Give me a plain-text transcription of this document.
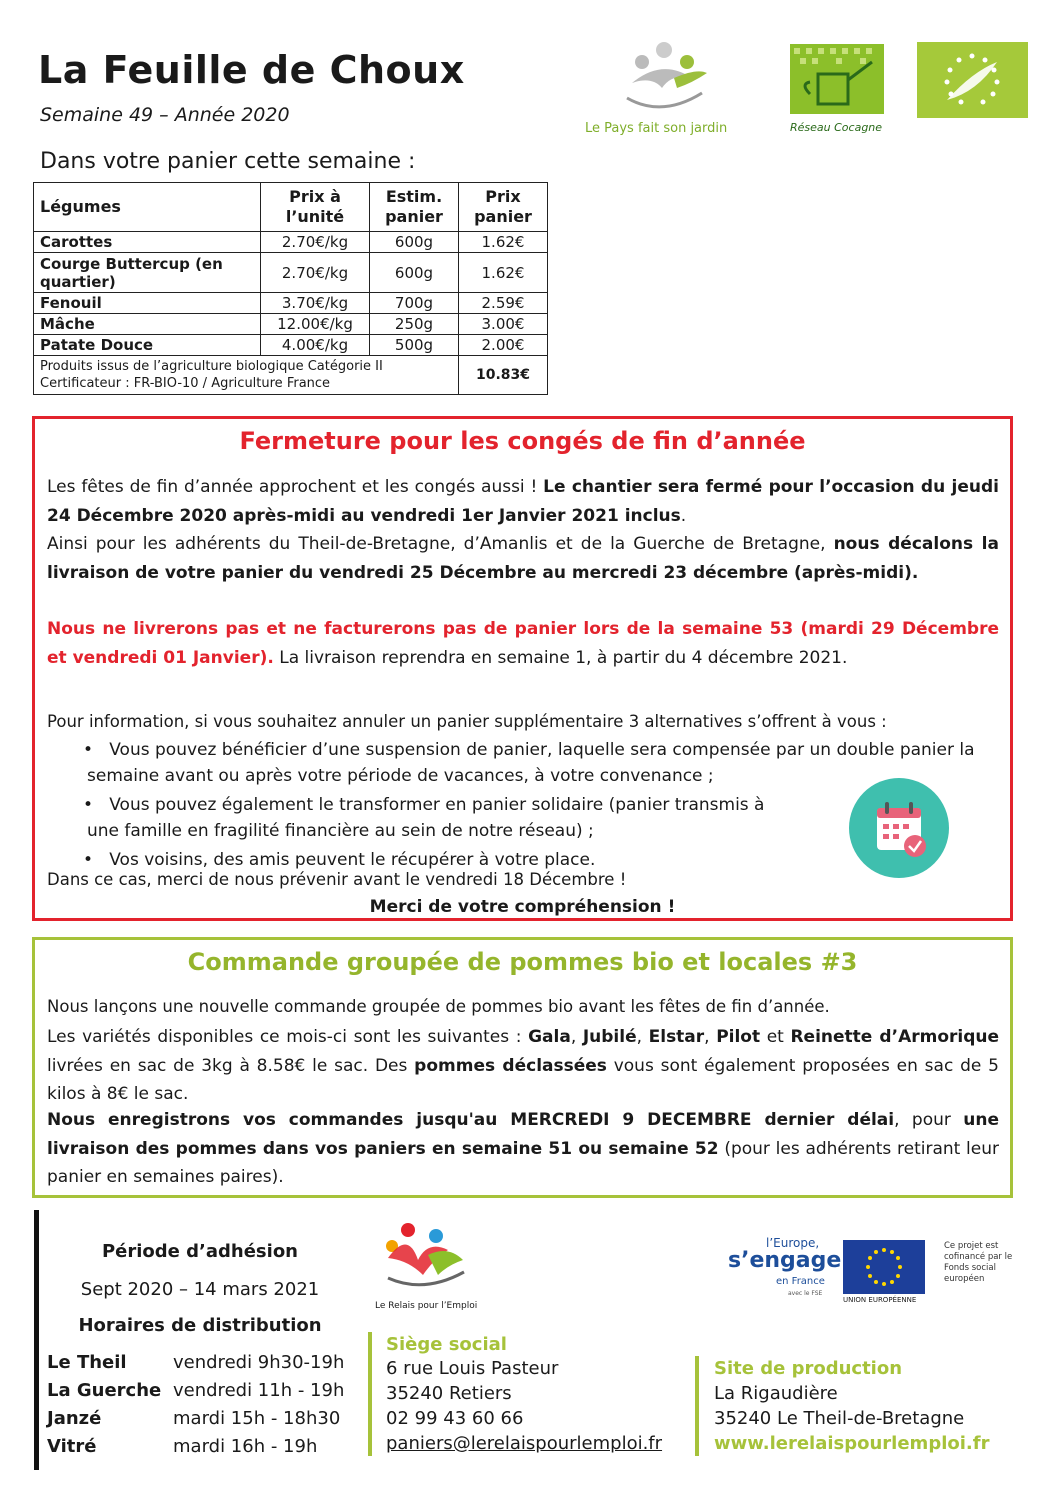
La Feuille de Choux
Semaine 49 – Année 2020
Dans votre panier cette semaine :
Le Pays fait son jardin	Réseau Cocagne
Légumes	Prix à l’unité	Estim. panier	Prix panier
Carottes	2.70€/kg	600g	1.62€
Courge Buttercup (en quartier)	2.70€/kg	600g	1.62€
Fenouil	3.70€/kg	700g	2.59€
Mâche	12.00€/kg	250g	3.00€
Patate Douce	4.00€/kg	500g	2.00€
Produits issus de l’agriculture biologique Catégorie II
Certificateur : FR-BIO-10 / Agriculture France			10.83€
Fermeture pour les congés de fin d’année
Les fêtes de fin d’année approchent et les congés aussi ! Le chantier sera fermé pour l’occasion du jeudi 24 Décembre 2020 après-midi au vendredi 1er Janvier 2021 inclus.
Ainsi pour les adhérents du Theil-de-Bretagne, d’Amanlis et de la Guerche de Bretagne, nous décalons la livraison de votre panier du vendredi 25 Décembre au mercredi 23 décembre (après-midi).
Nous ne livrerons pas et ne facturerons pas de panier lors de la semaine 53 (mardi 29 Décembre et vendredi 01 Janvier). La livraison reprendra en semaine 1, à partir du 4 décembre 2021.
Pour information, si vous souhaitez annuler un panier supplémentaire 3 alternatives s’offrent à vous :
•   Vous pouvez bénéficier d’une suspension de panier, laquelle sera compensée par un double panier la
semaine avant ou après votre période de vacances, à votre convenance ;
•   Vous pouvez également le transformer en panier solidaire (panier transmis à
une famille en fragilité financière au sein de notre réseau) ;
•   Vos voisins, des amis peuvent le récupérer à votre place.
Dans ce cas, merci de nous prévenir avant le vendredi 18 Décembre !
Merci de votre compréhension !
Commande groupée de pommes bio et locales #3
Nous lançons une nouvelle commande groupée de pommes bio avant les fêtes de fin d’année.
Les variétés disponibles ce mois-ci sont les suivantes : Gala, Jubilé, Elstar, Pilot et Reinette d’Armorique livrées en sac de 3kg à 8.58€ le sac. Des pommes déclassées vous sont également proposées en sac de 5 kilos à 8€ le sac.
Nous enregistrons vos commandes jusqu'au MERCREDI 9 DECEMBRE dernier délai, pour une livraison des pommes dans vos paniers en semaine 51 ou semaine 52 (pour les adhérents retirant leur panier en semaines paires).
Période d’adhésion
Sept 2020 – 14 mars 2021
Horaires de distribution
Le Theil	vendredi 9h30-19h
La Guerche	vendredi 11h - 19h
Janzé	mardi 15h - 18h30
Vitré	mardi 16h - 19h
Le Relais pour l’Emploi
Siège social
6 rue Louis Pasteur
35240 Retiers
02 99 43 60 66
paniers@lerelaispourlemploi.fr
Site de production
La Rigaudière
35240 Le Theil-de-Bretagne
www.lerelaispourlemploi.fr
l’Europe,
s’engage
en France
avec le FSE
UNION EUROPÉENNE
Ce projet est cofinancé par le Fonds social européen
